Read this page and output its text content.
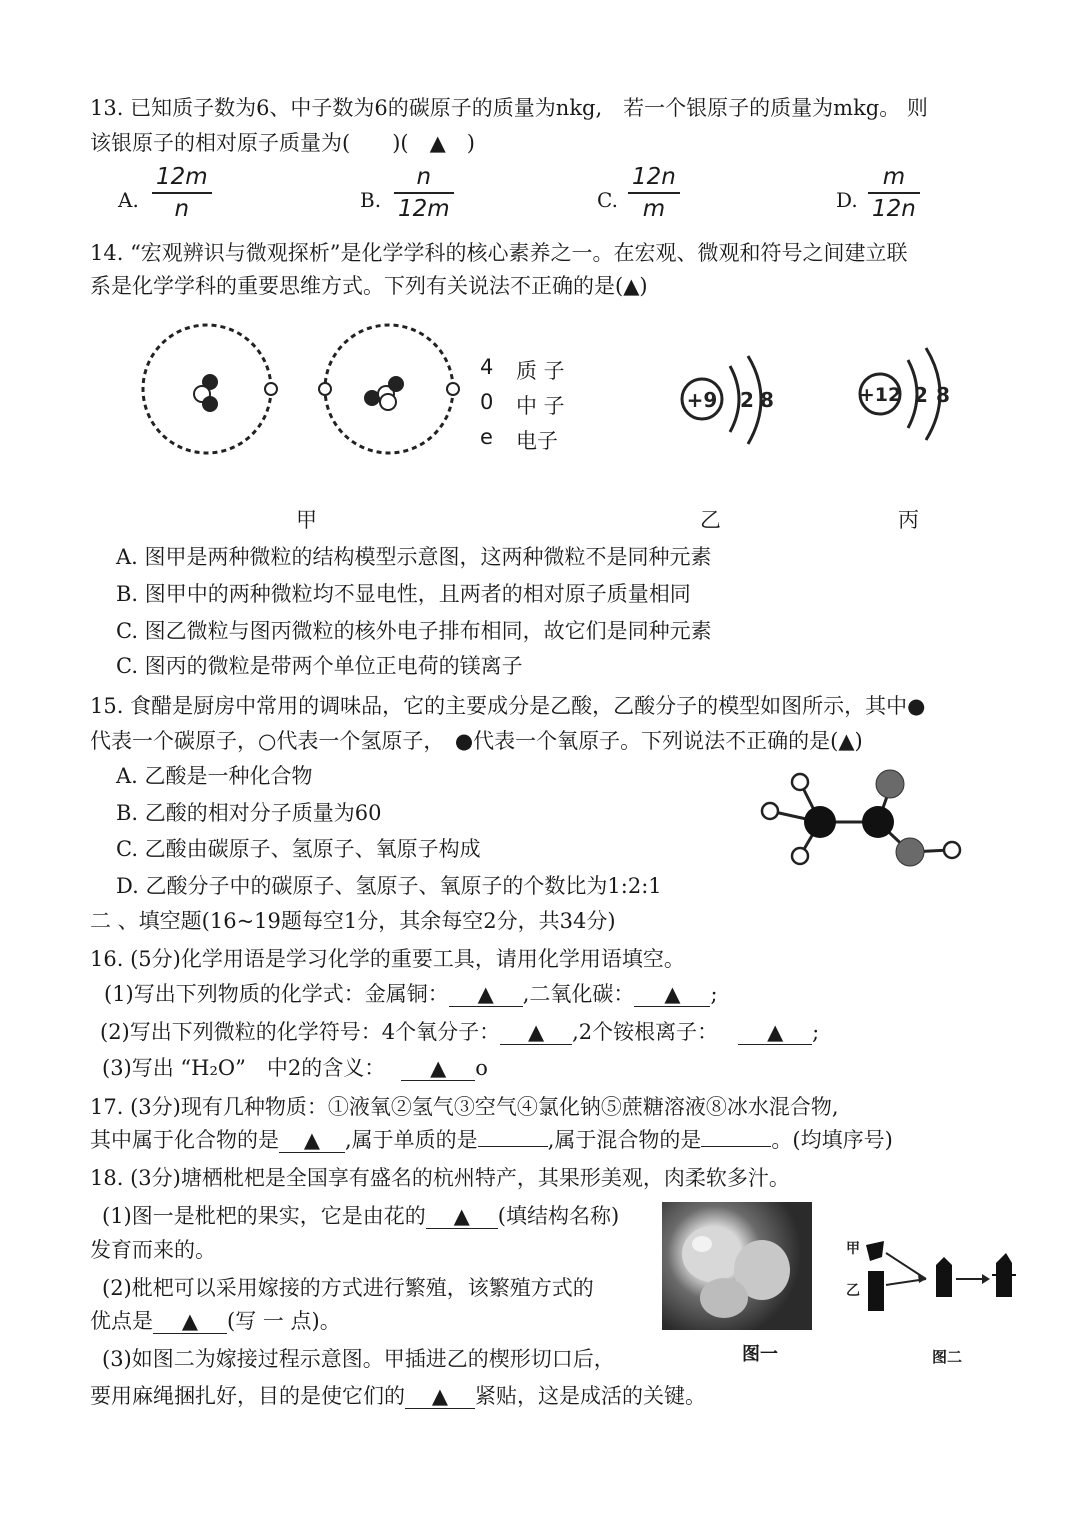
13. 已知质子数为6、中子数为6的碳原子的质量为nkg,　若一个银原子的质量为mkg。 则
该银原子的相对原子质量为(　　)(　▲　)
A. $\frac{12m}{n}$	B. $\frac{n}{12m}$	C. $\frac{12n}{m}$	D. $\frac{m}{12n}$
14. “宏观辨识与微观探析”是化学学科的核心素养之一。在宏观、微观和符号之间建立联
系是化学学科的重要思维方式。下列有关说法不正确的是(▲)
4 质 子
0 中 子
e 电子
+9 2 8	+12 2 8
甲	乙	丙
A. 图甲是两种微粒的结构模型示意图，这两种微粒不是同种元素
B. 图甲中的两种微粒均不显电性，且两者的相对原子质量相同
C. 图乙微粒与图丙微粒的核外电子排布相同，故它们是同种元素
C. 图丙的微粒是带两个单位正电荷的镁离子
15. 食醋是厨房中常用的调味品，它的主要成分是乙酸，乙酸分子的模型如图所示，其中●
代表一个碳原子，○代表一个氢原子，　●代表一个氧原子。下列说法不正确的是(▲)
A. 乙酸是一种化合物
B. 乙酸的相对分子质量为60
C. 乙酸由碳原子、氢原子、氧原子构成
D. 乙酸分子中的碳原子、氢原子、氧原子的个数比为1:2:1
二 、填空题(16~19题每空1分，其余每空2分，共34分)
16. (5分)化学用语是学习化学的重要工具，请用化学用语填空。
(1)写出下列物质的化学式：金属铜： ▲ ,二氧化碳： ▲ ;
(2)写出下列微粒的化学符号：4个氧分子： ▲ ,2个铵根离子： ▲ ;
(3)写出 “H₂O”　中2的含义： ▲ o
17. (3分)现有几种物质：①液氧②氢气③空气④氯化钠⑤蔗糖溶液⑧冰水混合物,
其中属于化合物的是 ▲ ,属于单质的是	,属于混合物的是	。(均填序号)
18. (3分)塘栖枇杷是全国享有盛名的杭州特产，其果形美观，肉柔软多汁。
(1)图一是枇杷的果实，它是由花的 ▲ (填结构名称)
发育而来的。
(2)枇杷可以采用嫁接的方式进行繁殖，该繁殖方式的
优点是 ▲ (写 一 点)。
(3)如图二为嫁接过程示意图。甲插进乙的楔形切口后，
要用麻绳捆扎好，目的是使它们的 ▲ 紧贴，这是成活的关键。
图一
甲
乙
图二
